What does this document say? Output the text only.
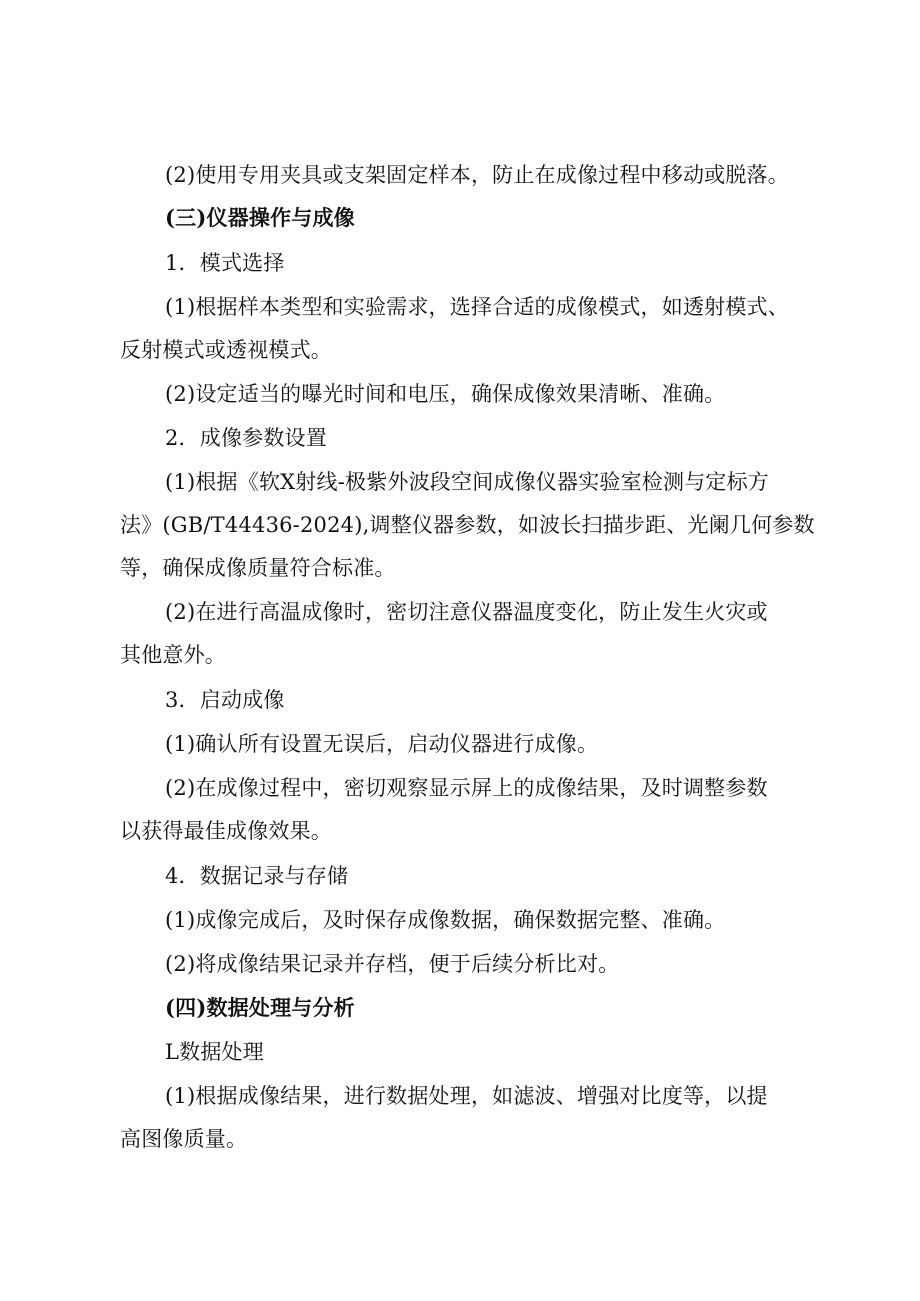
(2)使用专用夹具或支架固定样本，防止在成像过程中移动或脱落。
(三)仪器操作与成像
1．模式选择
(1)根据样本类型和实验需求，选择合适的成像模式，如透射模式、
反射模式或透视模式。
(2)设定适当的曝光时间和电压，确保成像效果清晰、准确。
2．成像参数设置
(1)根据《软X射线-极紫外波段空间成像仪器实验室检测与定标方
法》(GB/T44436-2024),调整仪器参数，如波长扫描步距、光阑几何参数
等，确保成像质量符合标准。
(2)在进行高温成像时，密切注意仪器温度变化，防止发生火灾或
其他意外。
3．启动成像
(1)确认所有设置无误后，启动仪器进行成像。
(2)在成像过程中，密切观察显示屏上的成像结果，及时调整参数
以获得最佳成像效果。
4．数据记录与存储
(1)成像完成后，及时保存成像数据，确保数据完整、准确。
(2)将成像结果记录并存档，便于后续分析比对。
(四)数据处理与分析
L数据处理
(1)根据成像结果，进行数据处理，如滤波、增强对比度等，以提
高图像质量。
